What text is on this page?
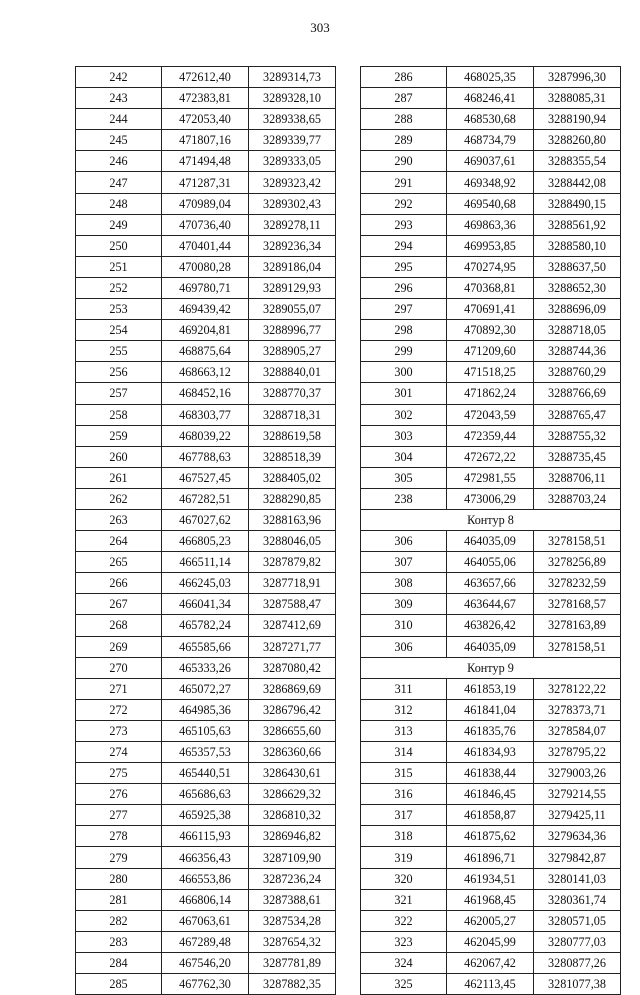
303
242	472612,40	3289314,73
243	472383,81	3289328,10
244	472053,40	3289338,65
245	471807,16	3289339,77
246	471494,48	3289333,05
247	471287,31	3289323,42
248	470989,04	3289302,43
249	470736,40	3289278,11
250	470401,44	3289236,34
251	470080,28	3289186,04
252	469780,71	3289129,93
253	469439,42	3289055,07
254	469204,81	3288996,77
255	468875,64	3288905,27
256	468663,12	3288840,01
257	468452,16	3288770,37
258	468303,77	3288718,31
259	468039,22	3288619,58
260	467788,63	3288518,39
261	467527,45	3288405,02
262	467282,51	3288290,85
263	467027,62	3288163,96
264	466805,23	3288046,05
265	466511,14	3287879,82
266	466245,03	3287718,91
267	466041,34	3287588,47
268	465782,24	3287412,69
269	465585,66	3287271,77
270	465333,26	3287080,42
271	465072,27	3286869,69
272	464985,36	3286796,42
273	465105,63	3286655,60
274	465357,53	3286360,66
275	465440,51	3286430,61
276	465686,63	3286629,32
277	465925,38	3286810,32
278	466115,93	3286946,82
279	466356,43	3287109,90
280	466553,86	3287236,24
281	466806,14	3287388,61
282	467063,61	3287534,28
283	467289,48	3287654,32
284	467546,20	3287781,89
285	467762,30	3287882,35
286	468025,35	3287996,30
287	468246,41	3288085,31
288	468530,68	3288190,94
289	468734,79	3288260,80
290	469037,61	3288355,54
291	469348,92	3288442,08
292	469540,68	3288490,15
293	469863,36	3288561,92
294	469953,85	3288580,10
295	470274,95	3288637,50
296	470368,81	3288652,30
297	470691,41	3288696,09
298	470892,30	3288718,05
299	471209,60	3288744,36
300	471518,25	3288760,29
301	471862,24	3288766,69
302	472043,59	3288765,47
303	472359,44	3288755,32
304	472672,22	3288735,45
305	472981,55	3288706,11
238	473006,29	3288703,24
Контур 8		
306	464035,09	3278158,51
307	464055,06	3278256,89
308	463657,66	3278232,59
309	463644,67	3278168,57
310	463826,42	3278163,89
306	464035,09	3278158,51
Контур 9		
311	461853,19	3278122,22
312	461841,04	3278373,71
313	461835,76	3278584,07
314	461834,93	3278795,22
315	461838,44	3279003,26
316	461846,45	3279214,55
317	461858,87	3279425,11
318	461875,62	3279634,36
319	461896,71	3279842,87
320	461934,51	3280141,03
321	461968,45	3280361,74
322	462005,27	3280571,05
323	462045,99	3280777,03
324	462067,42	3280877,26
325	462113,45	3281077,38
